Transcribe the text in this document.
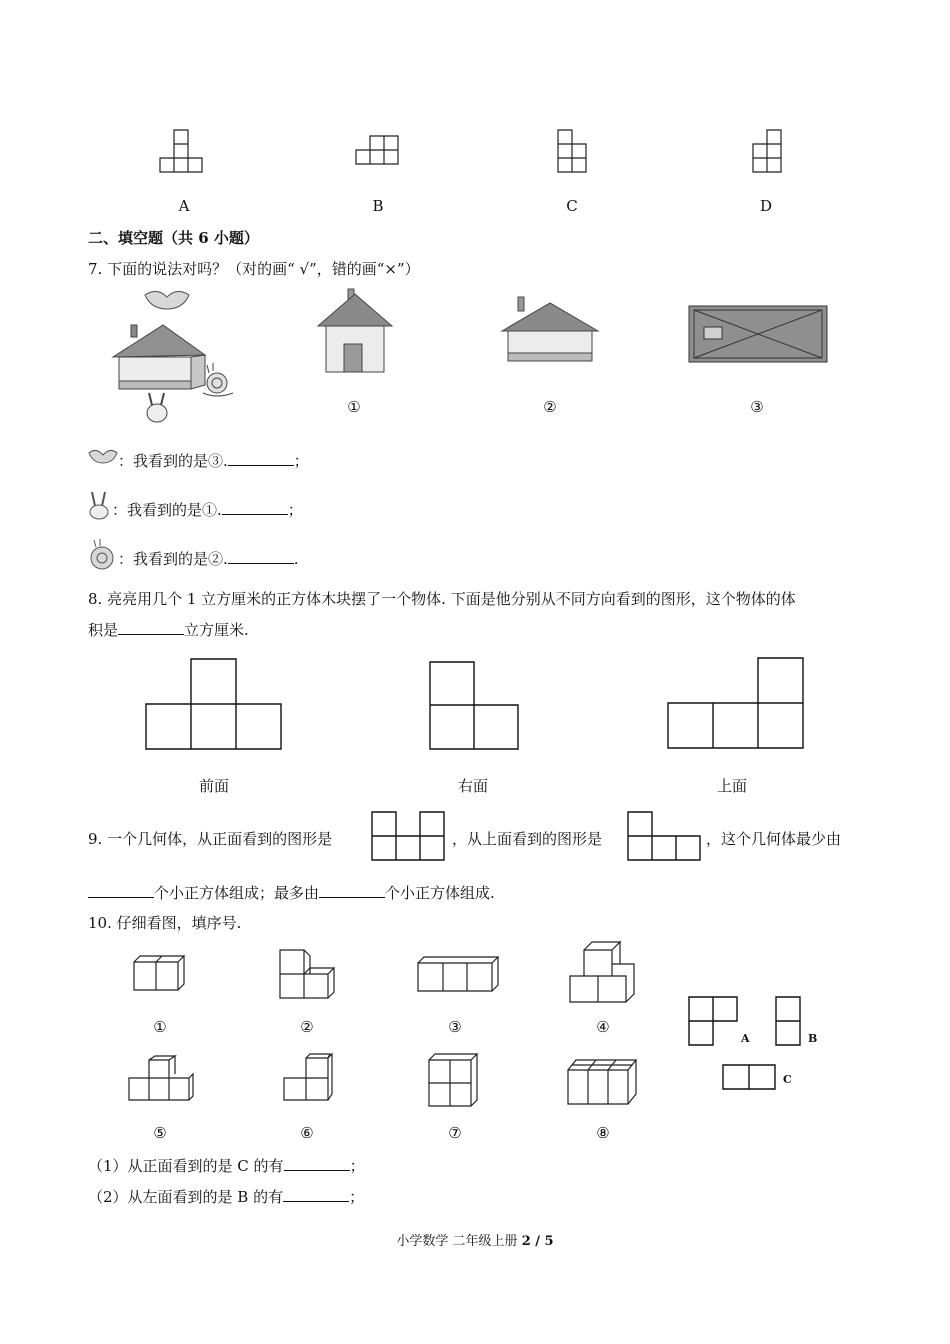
A	B	C	D
二、填空题（共 6 小题）
7. 下面的说法对吗？（对的画“ √”，错的画“×”）
①	②	③
：我看到的是③.	；
：我看到的是①.	；
：我看到的是②.	.
8. 亮亮用几个 1 立方厘米的正方体木块摆了一个物体. 下面是他分别从不同方向看到的图形，这个物体的体
积是	立方厘米.
前面	右面	上面
9. 一个几何体，从正面看到的图形是	，从上面看到的图形是	，这个几何体最少由
个小正方体组成；最多由	个小正方体组成.
10. 仔细看图，填序号.
①	②	③	④
A	B
C
⑤	⑥	⑦	⑧
（1）从正面看到的是 C 的有	；
（2）从左面看到的是 B 的有	；
小学数学 二年级上册 2 / 5
